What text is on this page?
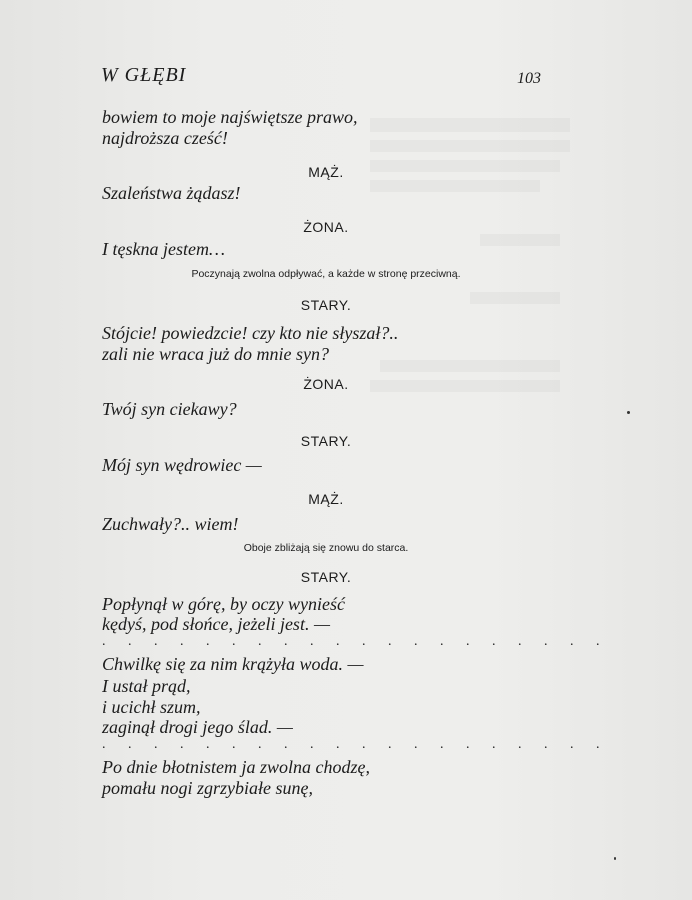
W GŁĘBI	103
bowiem to moje najświętsze prawo,
najdroższa cześć!
MĄŻ.
Szaleństwa żądasz!
ŻONA.
I tęskna jestem…
Poczynają zwolna odpływać, a każde w stronę przeciwną.
STARY.
Stójcie! powiedzcie! czy kto nie słyszał?..
zali nie wraca już do mnie syn?
ŻONA.
Twój syn ciekawy?
STARY.
Mój syn wędrowiec —
MĄŻ.
Zuchwały?.. wiem!
Oboje zbliżają się znowu do starca.
STARY.
Popłynął w górę, by oczy wynieść
kędyś, pod słońce, jeżeli jest. —
. . . . . . . . . . . . . . . . . . . .
Chwilkę się za nim krążyła woda. —
I ustał prąd,
i ucichł szum,
zaginął drogi jego ślad. —
. . . . . . . . . . . . . . . . . . . .
Po dnie błotnistem ja zwolna chodzę,
pomału nogi zgrzybiałe sunę,
